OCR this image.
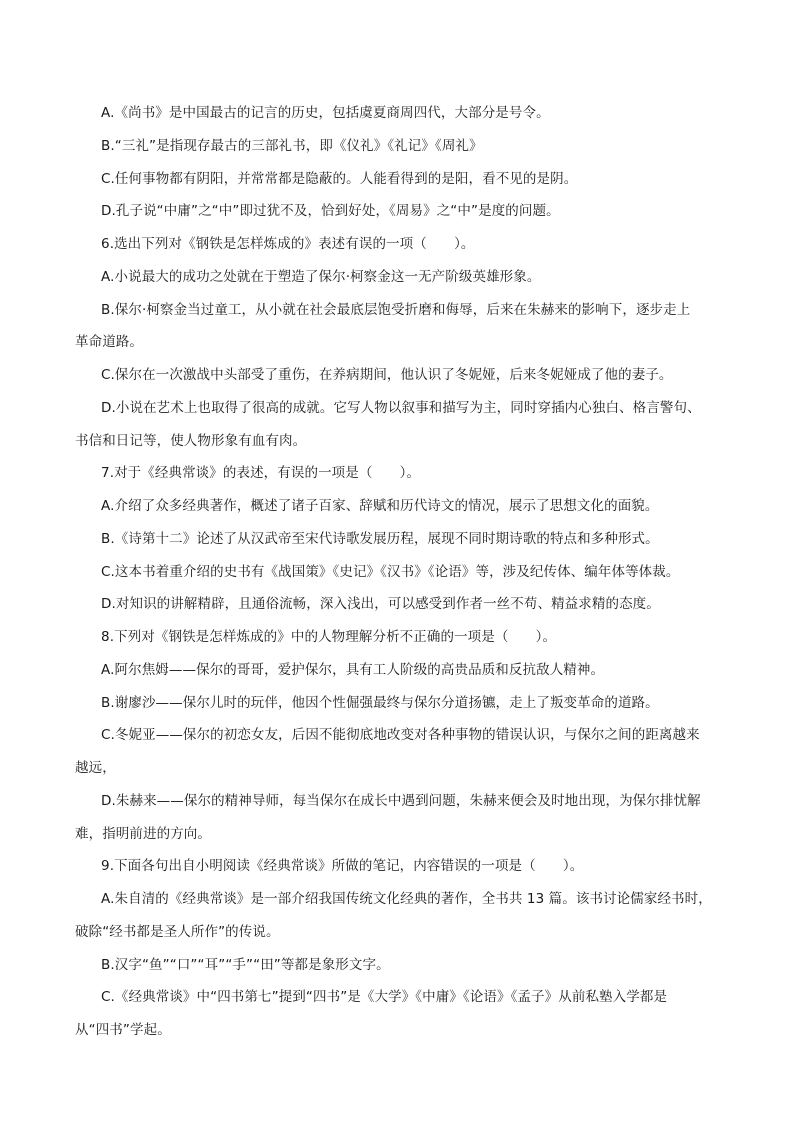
A.《尚书》是中国最古的记言的历史，包括虞夏商周四代，大部分是号令。
B.“三礼”是指现存最古的三部礼书，即《仪礼》《礼记》《周礼》
C.任何事物都有阴阳，并常常都是隐蔽的。人能看得到的是阳，看不见的是阴。
D.孔子说“中庸”之“中”即过犹不及，恰到好处，《周易》之“中”是度的问题。
6.选出下列对《钢铁是怎样炼成的》表述有误的一项（　　）。
A.小说最大的成功之处就在于塑造了保尔·柯察金这一无产阶级英雄形象。
B.保尔·柯察金当过童工，从小就在社会最底层饱受折磨和侮辱，后来在朱赫来的影响下，逐步走上
革命道路。
C.保尔在一次激战中头部受了重伤，在养病期间，他认识了冬妮娅，后来冬妮娅成了他的妻子。
D.小说在艺术上也取得了很高的成就。它写人物以叙事和描写为主，同时穿插内心独白、格言警句、
书信和日记等，使人物形象有血有肉。
7.对于《经典常谈》的表述，有误的一项是（　　）。
A.介绍了众多经典著作，概述了诸子百家、辞赋和历代诗文的情况，展示了思想文化的面貌。
B.《诗第十二》论述了从汉武帝至宋代诗歌发展历程，展现不同时期诗歌的特点和多种形式。
C.这本书着重介绍的史书有《战国策》《史记》《汉书》《论语》等，涉及纪传体、编年体等体裁。
D.对知识的讲解精辟，且通俗流畅，深入浅出，可以感受到作者一丝不苟、精益求精的态度。
8.下列对《钢铁是怎样炼成的》中的人物理解分析不正确的一项是（　　）。
A.阿尔焦姆——保尔的哥哥，爱护保尔，具有工人阶级的高贵品质和反抗敌人精神。
B.谢廖沙——保尔儿时的玩伴，他因个性倔强最终与保尔分道扬镳，走上了叛变革命的道路。
C.冬妮亚——保尔的初恋女友，后因不能彻底地改变对各种事物的错误认识，与保尔之间的距离越来
越远，
D.朱赫来——保尔的精神导师，每当保尔在成长中遇到问题，朱赫来便会及时地出现，为保尔排忧解
难，指明前进的方向。
9.下面各句出自小明阅读《经典常谈》所做的笔记，内容错误的一项是（　　）。
A.朱自清的《经典常谈》是一部介绍我国传统文化经典的著作，全书共 13 篇。该书讨论儒家经书时，
破除“经书都是圣人所作”的传说。
B.汉字“鱼”“口”“耳”“手”“田”等都是象形文字。
C.《经典常谈》中“四书第七”提到“四书”是《大学》《中庸》《论语》《孟子》从前私塾入学都是
从“四书”学起。
